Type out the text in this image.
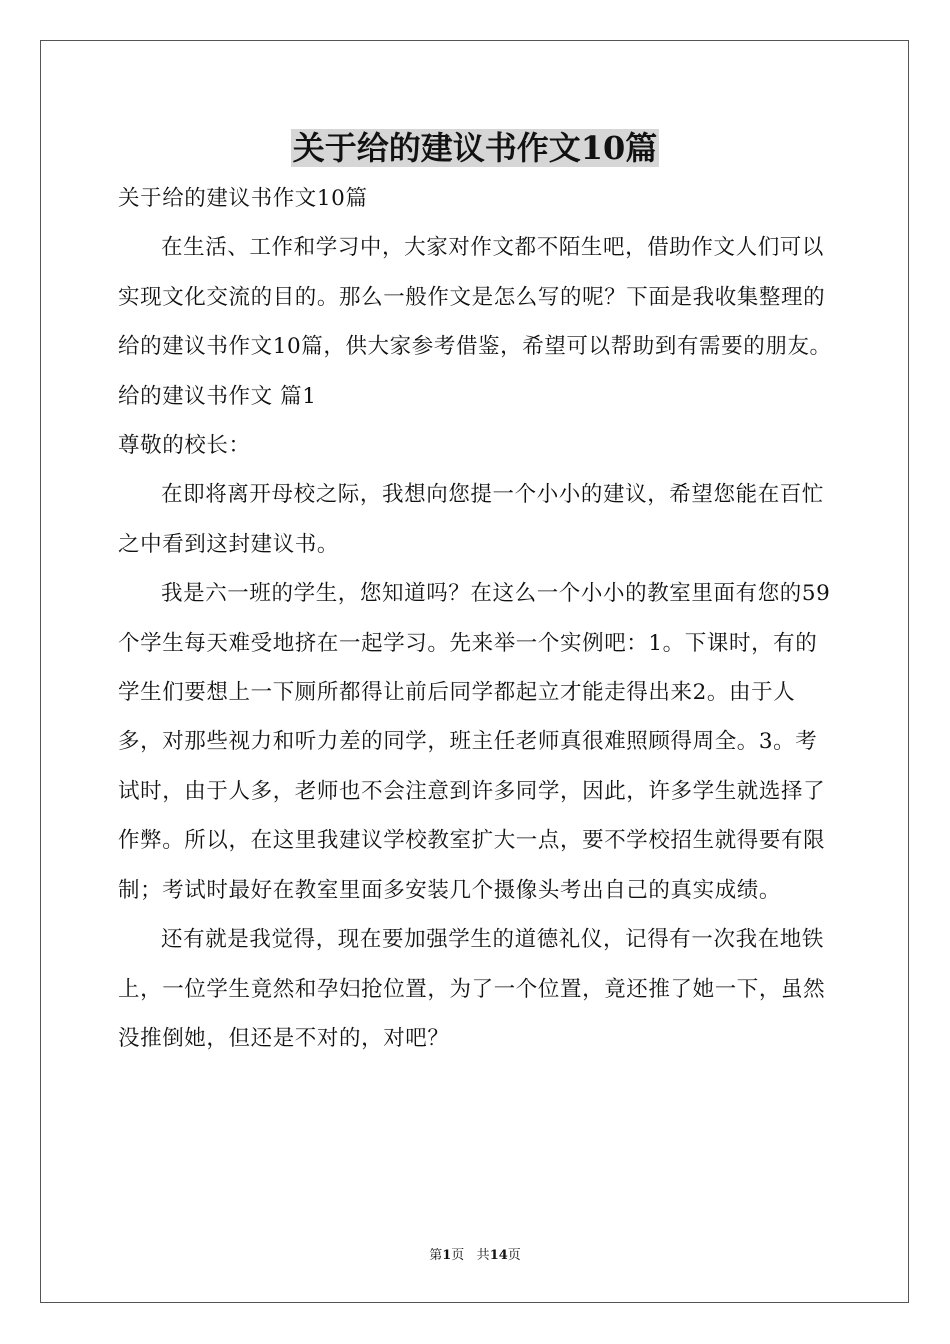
关于给的建议书作文10篇

关于给的建议书作文10篇

在生活、工作和学习中，大家对作文都不陌生吧，借助作文人们可以实现文化交流的目的。那么一般作文是怎么写的呢？下面是我收集整理的给的建议书作文10篇，供大家参考借鉴，希望可以帮助到有需要的朋友。

给的建议书作文 篇1

尊敬的校长：

在即将离开母校之际，我想向您提一个小小的建议，希望您能在百忙之中看到这封建议书。

我是六一班的学生，您知道吗？在这么一个小小的教室里面有您的59个学生每天难受地挤在一起学习。先来举一个实例吧：1。下课时，有的学生们要想上一下厕所都得让前后同学都起立才能走得出来2。由于人多，对那些视力和听力差的同学，班主任老师真很难照顾得周全。3。考试时，由于人多，老师也不会注意到许多同学，因此，许多学生就选择了作弊。所以，在这里我建议学校教室扩大一点，要不学校招生就得要有限制；考试时最好在教室里面多安装几个摄像头考出自己的真实成绩。

还有就是我觉得，现在要加强学生的道德礼仪，记得有一次我在地铁上，一位学生竟然和孕妇抢位置，为了一个位置，竟还推了她一下，虽然没推倒她，但还是不对的，对吧？

第1页 共14页
